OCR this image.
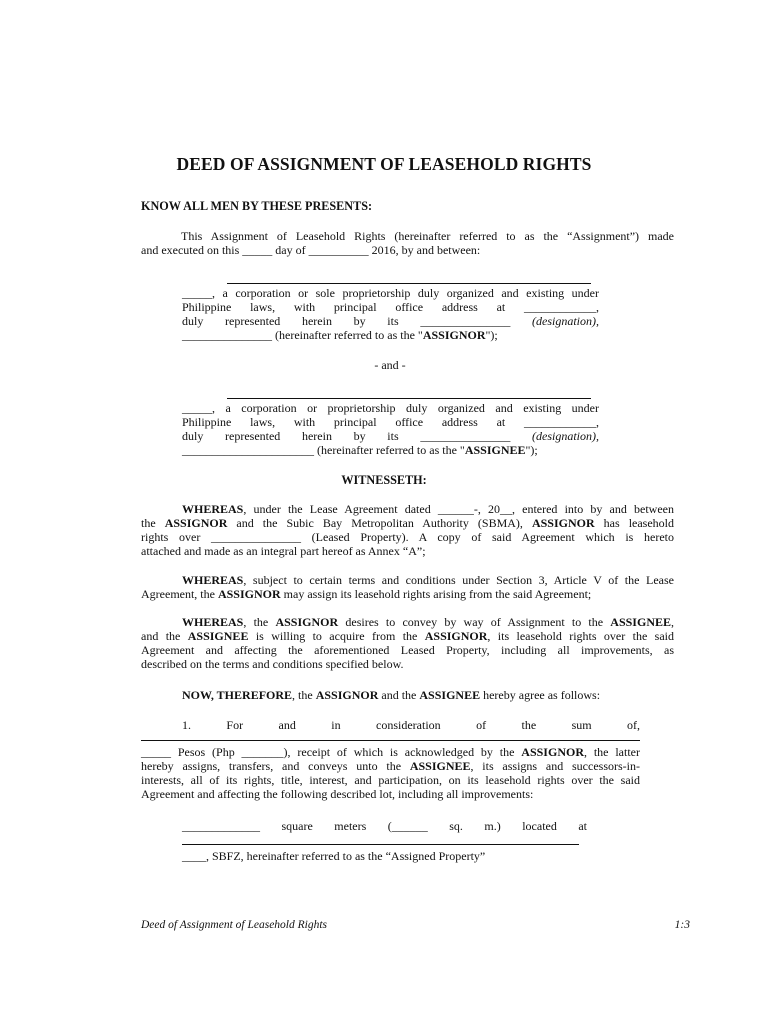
DEED OF ASSIGNMENT OF LEASEHOLD RIGHTS
KNOW ALL MEN BY THESE PRESENTS:
This Assignment of Leasehold Rights (hereinafter referred to as the “Assignment”) made
and executed on this _____ day of __________ 2016, by and between:
_____, a corporation or sole proprietorship duly organized and existing under
Philippine laws, with principal office address at ____________,
duly represented herein by its _______________ (designation),
_______________ (hereinafter referred to as the "ASSIGNOR");
- and -
_____, a corporation or proprietorship duly organized and existing under
Philippine laws, with principal office address at ____________,
duly represented herein by its _______________ (designation),
______________________ (hereinafter referred to as the "ASSIGNEE");
WITNESSETH:
WHEREAS, under the Lease Agreement dated ______-, 20__, entered into by and between
the ASSIGNOR and the Subic Bay Metropolitan Authority (SBMA), ASSIGNOR has leasehold
rights over _______________ (Leased Property). A copy of said Agreement which is hereto
attached and made as an integral part hereof as Annex “A”;
WHEREAS, subject to certain terms and conditions under Section 3, Article V of the Lease
Agreement, the ASSIGNOR may assign its leasehold rights arising from the said Agreement;
WHEREAS, the ASSIGNOR desires to convey by way of Assignment to the ASSIGNEE,
and the ASSIGNEE is willing to acquire from the ASSIGNOR, its leasehold rights over the said
Agreement and affecting the aforementioned Leased Property, including all improvements, as
described on the terms and conditions specified below.
NOW, THEREFORE, the ASSIGNOR and the ASSIGNEE hereby agree as follows:
1. For and in consideration of the sum of,
_____ Pesos (Php _______), receipt of which is acknowledged by the ASSIGNOR, the latter
hereby assigns, transfers, and conveys unto the ASSIGNEE, its assigns and successors-in-
interests, all of its rights, title, interest, and participation, on its leasehold rights over the said
Agreement and affecting the following described lot, including all improvements:
_____________ square meters (______ sq. m.) located at
____, SBFZ, hereinafter referred to as the “Assigned Property”
Deed of Assignment of Leasehold Rights	1:3
